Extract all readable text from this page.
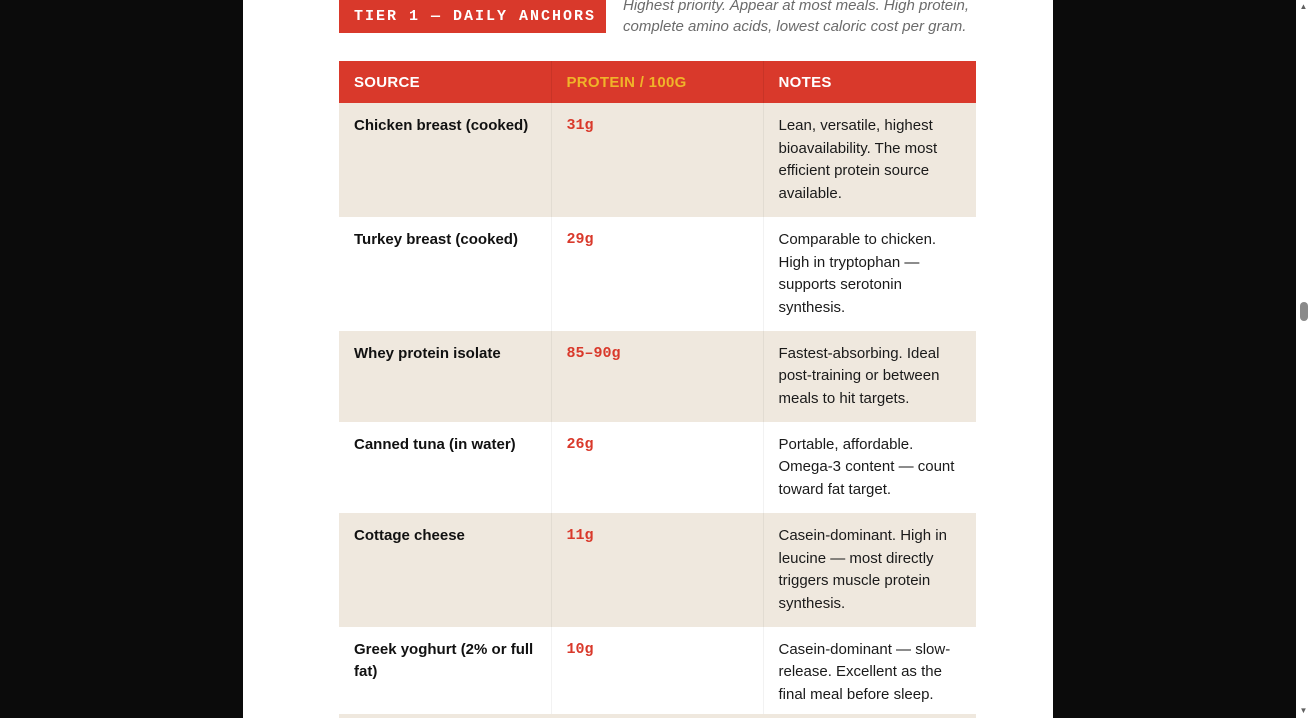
TIER 1 — DAILY ANCHORS
Highest priority. Appear at most meals. High protein, complete amino acids, lowest caloric cost per gram.
SOURCE	PROTEIN / 100G	NOTES
Chicken breast (cooked)	31g	Lean, versatile, highest bioavailability. The most efficient protein source available.
Turkey breast (cooked)	29g	Comparable to chicken. High in tryptophan — supports serotonin synthesis.
Whey protein isolate	85–90g	Fastest-absorbing. Ideal post-training or between meals to hit targets.
Canned tuna (in water)	26g	Portable, affordable. Omega-3 content — count toward fat target.
Cottage cheese	11g	Casein-dominant. High in leucine — most directly triggers muscle protein synthesis.
Greek yoghurt (2% or full fat)	10g	Casein-dominant — slow-release. Excellent as the final meal before sleep.
▲
▼
